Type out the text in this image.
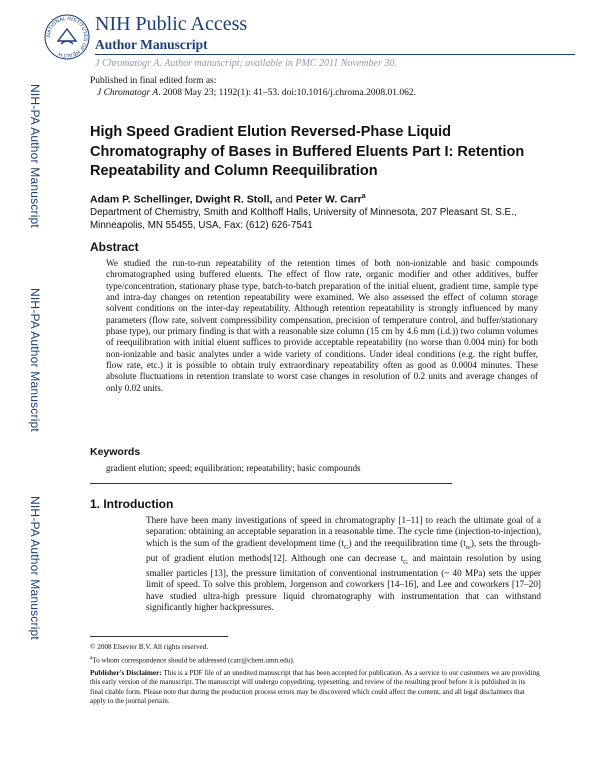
NATIONAL INSTITUTES OF HEALTH
NIH Public Access
Author Manuscript
J Chromatogr A. Author manuscript; available in PMC 2011 November 30.
Published in final edited form as:
J Chromatogr A. 2008 May 23; 1192(1): 41–53. doi:10.1016/j.chroma.2008.01.062.
NIH-PA Author Manuscript
NIH-PA Author Manuscript
NIH-PA Author Manuscript
High Speed Gradient Elution Reversed-Phase Liquid Chromatography of Bases in Buffered Eluents Part I: Retention Repeatability and Column Reequilibration
Adam P. Schellinger, Dwight R. Stoll, and Peter W. Carr$^a$
Department of Chemistry, Smith and Kolthoff Halls, University of Minnesota, 207 Pleasant St. S.E., Minneapolis, MN 55455, USA, Fax: (612) 626-7541
Abstract
We studied the run-to-run repeatability of the retention times of both non-ionizable and basic compounds chromatographed using buffered eluents. The effect of flow rate, organic modifier and other additives, buffer type/concentration, stationary phase type, batch-to-batch preparation of the initial eluent, gradient time, sample type and intra-day changes on retention repeatability were examined. We also assessed the effect of column storage solvent conditions on the inter-day repeatability. Although retention repeatability is strongly influenced by many parameters (flow rate, solvent compressibility compensation, precision of temperature control, and buffer/stationary phase type), our primary finding is that with a reasonable size column (15 cm by 4.6 mm (i.d.)) two column volumes of reequilibration with initial eluent suffices to provide acceptable repeatability (no worse than 0.004 min) for both non-ionizable and basic analytes under a wide variety of conditions. Under ideal conditions (e.g. the right buffer, flow rate, etc.) it is possible to obtain truly extraordinary repeatability often as good as 0.0004 minutes. These absolute fluctuations in retention translate to worst case changes in resolution of 0.2 units and average changes of only 0.02 units.
Keywords
gradient elution; speed; equilibration; repeatability; basic compounds
1. Introduction
There have been many investigations of speed in chromatography [1–11] to reach the ultimate goal of a separation: obtaining an acceptable separation in a reasonable time. The cycle time (injection-to-injection), which is the sum of the gradient development time $(t_G)$ and the reequilibration time $(t_{re})$, sets the through-put of gradient elution methods[12]. Although one can decrease $t_G$ and maintain resolution by using smaller particles [13], the pressure limitation of conventional instrumentation (~ 40 MPa) sets the upper limit of speed. To solve this problem, Jorgenson and coworkers [14–16], and Lee and coworkers [17–20] have studied ultra-high pressure liquid chromatography with instrumentation that can withstand significantly higher backpressures.
© 2008 Elsevier B.V. All rights reserved.
$^a$To whom correspondence should be addressed (carr@chem.umn.edu).
Publisher's Disclaimer: This is a PDF file of an unedited manuscript that has been accepted for publication. As a service to our customers we are providing this early version of the manuscript. The manuscript will undergo copyediting, typesetting, and review of the resulting proof before it is published in its final citable form. Please note that during the production process errors may be discovered which could affect the content, and all legal disclaimers that apply to the journal pertain.
